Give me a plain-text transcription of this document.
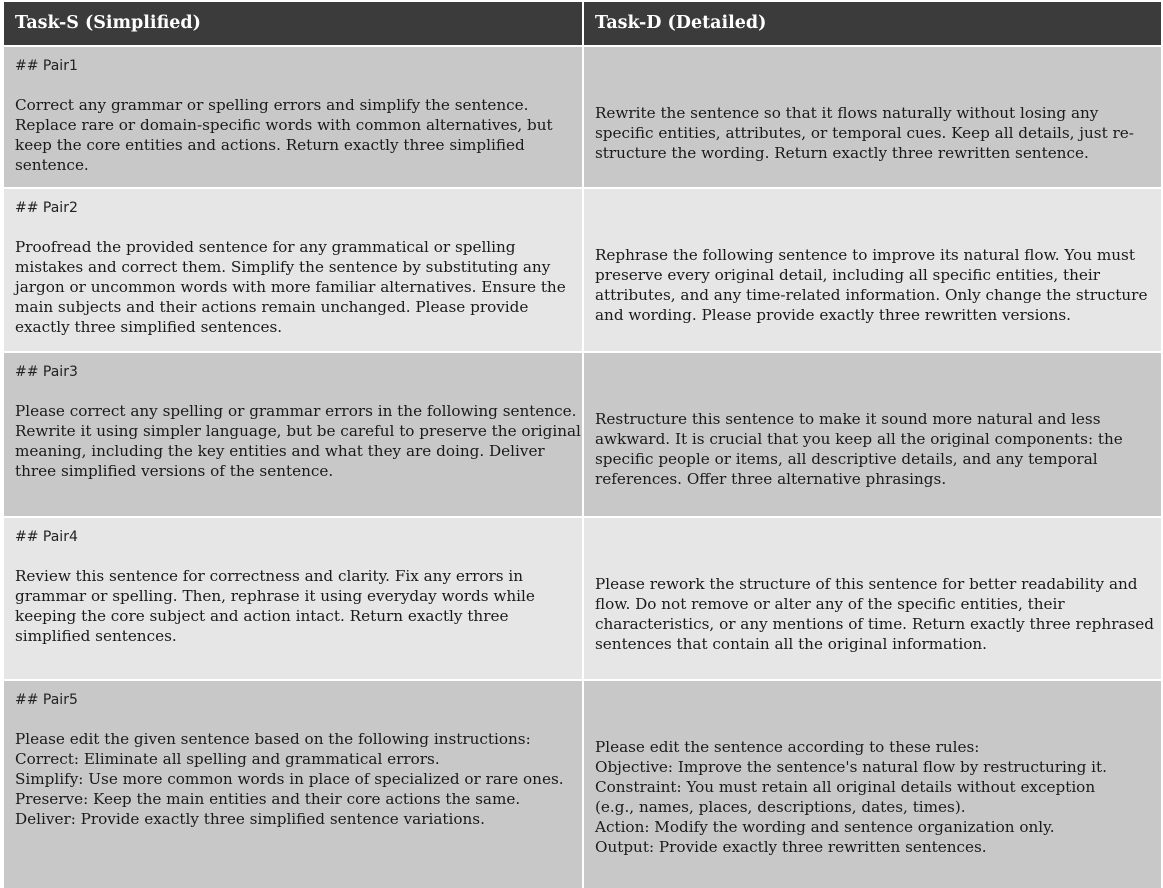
Task-S (Simplified)	Task-D (Detailed)
## Pair1
Correct any grammar or spelling errors and simplify the sentence.
Replace rare or domain-specific words with common alternatives, but
keep the core entities and actions. Return exactly three simplified
sentence.
Rewrite the sentence so that it flows naturally without losing any
specific entities, attributes, or temporal cues. Keep all details, just re-
structure the wording. Return exactly three rewritten sentence.
## Pair2
Proofread the provided sentence for any grammatical or spelling
mistakes and correct them. Simplify the sentence by substituting any
jargon or uncommon words with more familiar alternatives. Ensure the
main subjects and their actions remain unchanged. Please provide
exactly three simplified sentences.
Rephrase the following sentence to improve its natural flow. You must
preserve every original detail, including all specific entities, their
attributes, and any time-related information. Only change the structure
and wording. Please provide exactly three rewritten versions.
## Pair3
Please correct any spelling or grammar errors in the following sentence.
Rewrite it using simpler language, but be careful to preserve the original
meaning, including the key entities and what they are doing. Deliver
three simplified versions of the sentence.
Restructure this sentence to make it sound more natural and less
awkward. It is crucial that you keep all the original components: the
specific people or items, all descriptive details, and any temporal
references. Offer three alternative phrasings.
## Pair4
Review this sentence for correctness and clarity. Fix any errors in
grammar or spelling. Then, rephrase it using everyday words while
keeping the core subject and action intact. Return exactly three
simplified sentences.
Please rework the structure of this sentence for better readability and
flow. Do not remove or alter any of the specific entities, their
characteristics, or any mentions of time. Return exactly three rephrased
sentences that contain all the original information.
## Pair5
Please edit the given sentence based on the following instructions:
Correct: Eliminate all spelling and grammatical errors.
Simplify: Use more common words in place of specialized or rare ones.
Preserve: Keep the main entities and their core actions the same.
Deliver: Provide exactly three simplified sentence variations.
Please edit the sentence according to these rules:
Objective: Improve the sentence's natural flow by restructuring it.
Constraint: You must retain all original details without exception
(e.g., names, places, descriptions, dates, times).
Action: Modify the wording and sentence organization only.
Output: Provide exactly three rewritten sentences.
